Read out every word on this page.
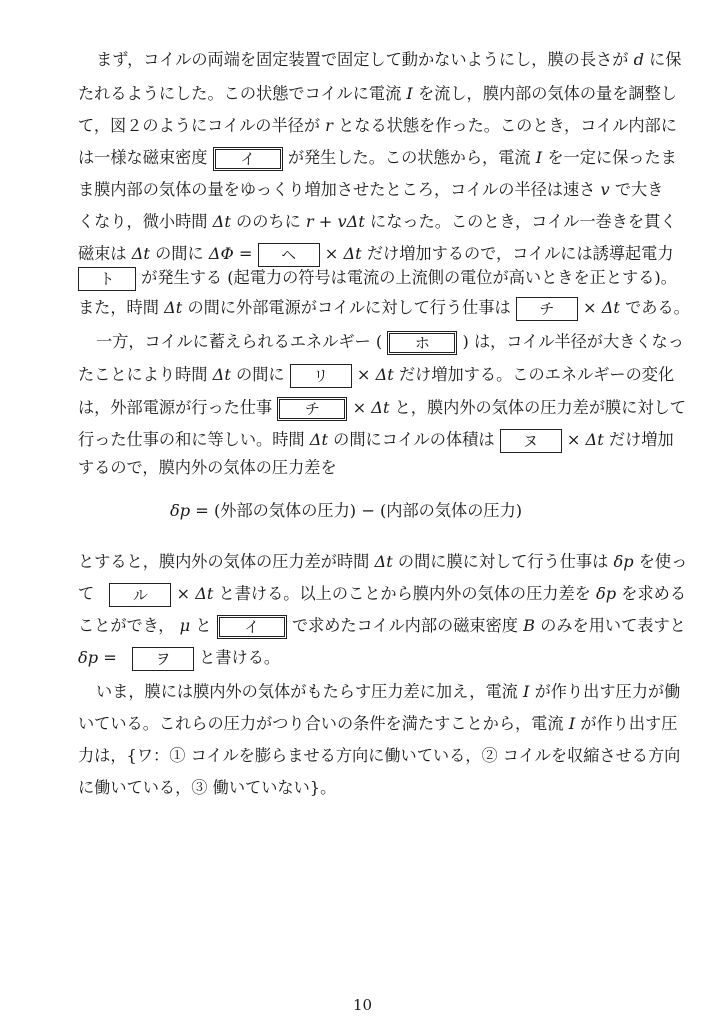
まず，コイルの両端を固定装置で固定して動かないようにし，膜の長さが d に保
たれるようにした。この状態でコイルに電流 I を流し，膜内部の気体の量を調整し
て，図２のようにコイルの半径が r となる状態を作った。このとき，コイル内部に
は一様な磁束密度 イ が発生した。この状態から，電流 I を一定に保ったま
ま膜内部の気体の量をゆっくり増加させたところ，コイルの半径は速さ v で大き
くなり，微小時間 Δt ののちに r + vΔt になった。このとき，コイル一巻きを貫く
磁束は Δt の間に ΔΦ = ヘ × Δt だけ増加するので，コイルには誘導起電力
ト が発生する (起電力の符号は電流の上流側の電位が高いときを正とする)。
また，時間 Δt の間に外部電源がコイルに対して行う仕事は チ × Δt である。
一方，コイルに蓄えられるエネルギー ( ホ ) は，コイル半径が大きくなっ
たことにより時間 Δt の間に リ × Δt だけ増加する。このエネルギーの変化
は，外部電源が行った仕事 チ × Δt と，膜内外の気体の圧力差が膜に対して
行った仕事の和に等しい。時間 Δt の間にコイルの体積は ヌ × Δt だけ増加
するので，膜内外の気体の圧力差を
δp = (外部の気体の圧力) − (内部の気体の圧力)
とすると，膜内外の気体の圧力差が時間 Δt の間に膜に対して行う仕事は δp を使っ
て	ル × Δt と書ける。以上のことから膜内外の気体の圧力差を δp を求める
ことができ， μ と イ で求めたコイル内部の磁束密度 B のみを用いて表すと
δp =	ヲ と書ける。
いま，膜には膜内外の気体がもたらす圧力差に加え，電流 I が作り出す圧力が働
いている。これらの圧力がつり合いの条件を満たすことから，電流 I が作り出す圧
力は，{ワ：① コイルを膨らませる方向に働いている，② コイルを収縮させる方向
に働いている，③ 働いていない}。
10
